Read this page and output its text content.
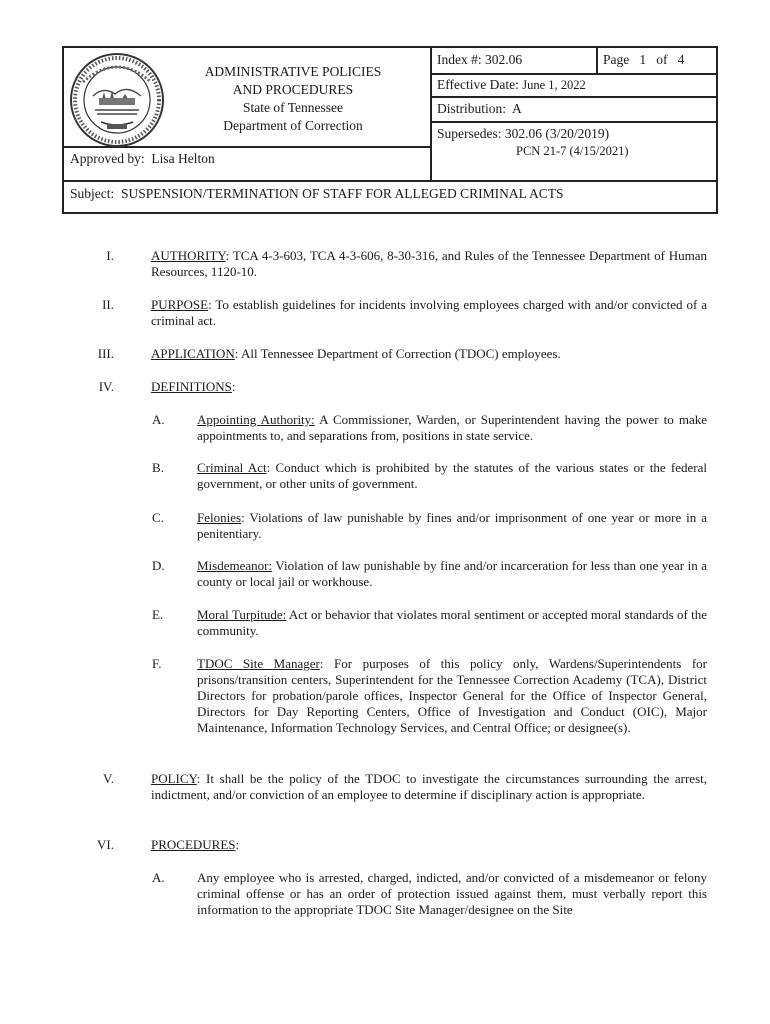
ADMINISTRATIVE POLICIES
AND PROCEDURES
State of Tennessee
Department of Correction
Index #: 302.06	Page 1 of 4
Effective Date: June 1, 2022
Distribution: A
Supersedes: 302.06 (3/20/2019)
PCN 21-7 (4/15/2021)
Approved by: Lisa Helton
Subject: SUSPENSION/TERMINATION OF STAFF FOR ALLEGED CRIMINAL ACTS
I.	AUTHORITY: TCA 4-3-603, TCA 4-3-606, 8-30-316, and Rules of the Tennessee Department of Human Resources, 1120-10.
II.	PURPOSE: To establish guidelines for incidents involving employees charged with and/or convicted of a criminal act.
III.	APPLICATION: All Tennessee Department of Correction (TDOC) employees.
IV.	DEFINITIONS:
A. Appointing Authority: A Commissioner, Warden, or Superintendent having the power to make appointments to, and separations from, positions in state service.
B.	Criminal Act: Conduct which is prohibited by the statutes of the various states or the federal government, or other units of government.
C.	Felonies: Violations of law punishable by fines and/or imprisonment of one year or more in a penitentiary.
D. Misdemeanor: Violation of law punishable by fine and/or incarceration for less than one year in a county or local jail or workhouse.
E.	Moral Turpitude: Act or behavior that violates moral sentiment or accepted moral standards of the community.
F.	TDOC Site Manager: For purposes of this policy only, Wardens/Superintendents for prisons/transition centers, Superintendent for the Tennessee Correction Academy (TCA), District Directors for probation/parole offices, Inspector General for the Office of Inspector General, Directors for Day Reporting Centers, Office of Investigation and Conduct (OIC), Major Maintenance, Information Technology Services, and Central Office; or designee(s).
V.	POLICY: It shall be the policy of the TDOC to investigate the circumstances surrounding the arrest, indictment, and/or conviction of an employee to determine if disciplinary action is appropriate.
VI.	PROCEDURES:
A. Any employee who is arrested, charged, indicted, and/or convicted of a misdemeanor or felony criminal offense or has an order of protection issued against them, must verbally report this information to the appropriate TDOC Site Manager/designee on the Site
